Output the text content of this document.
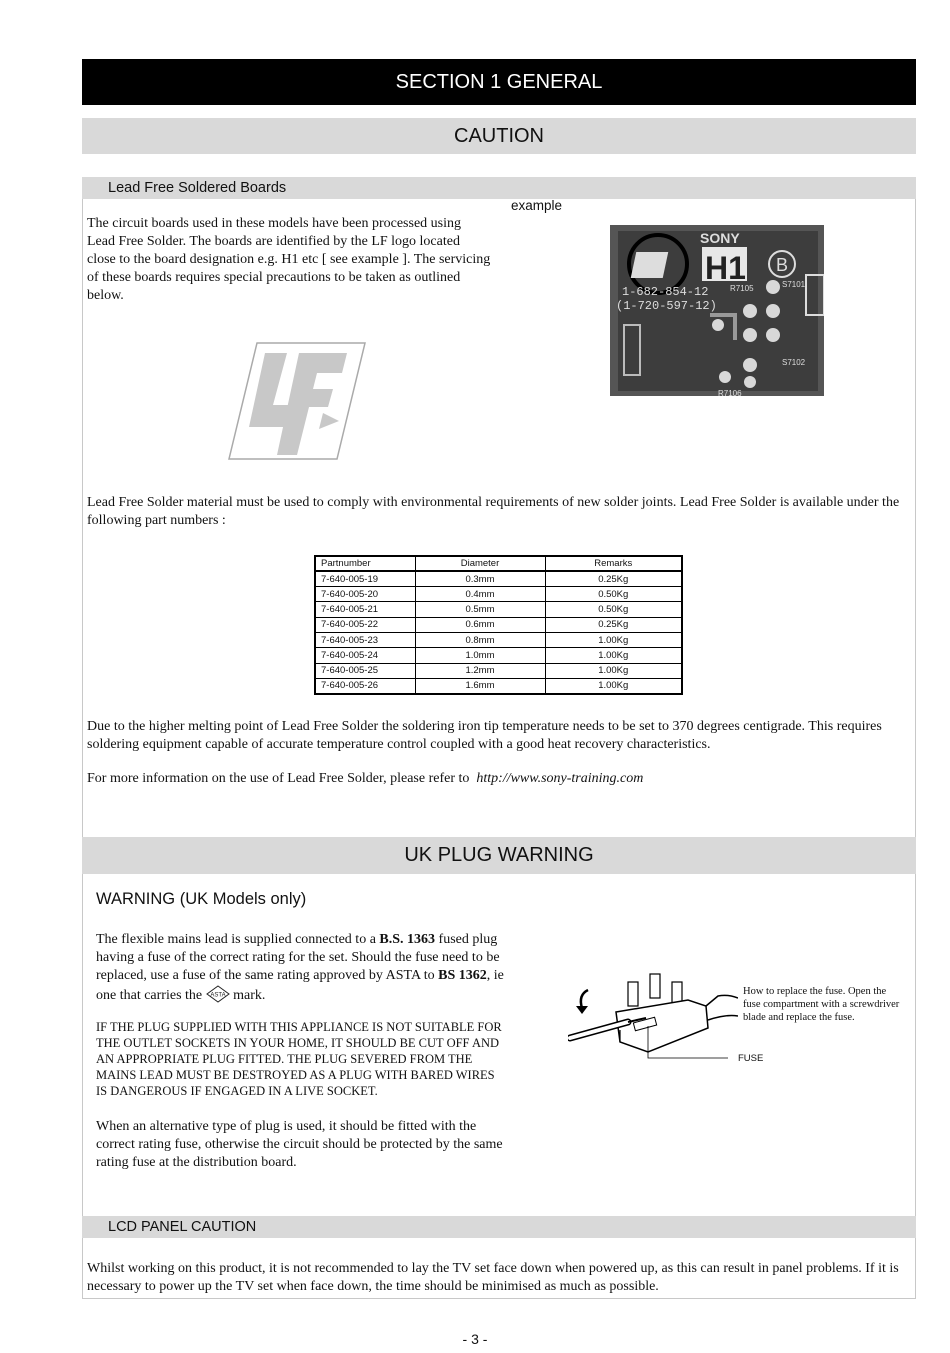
SECTION 1 GENERAL
CAUTION
Lead Free Soldered Boards
example
The circuit boards used in these models have been processed using Lead Free Solder. The boards are identified by the LF logo located close to the board designation e.g. H1 etc [ see example ]. The servicing of these boards requires special precautions to be taken as outlined below.
SONY
H1 B
1-682-854-12
(1-720-597-12)
R7105	S7101
S7102
R7106
Lead Free Solder material must be used to comply with environmental requirements of new solder joints. Lead Free Solder is available under the following part numbers :
Partnumber	Diameter	Remarks
7-640-005-19	0.3mm	0.25Kg
7-640-005-20	0.4mm	0.50Kg
7-640-005-21	0.5mm	0.50Kg
7-640-005-22	0.6mm	0.25Kg
7-640-005-23	0.8mm	1.00Kg
7-640-005-24	1.0mm	1.00Kg
7-640-005-25	1.2mm	1.00Kg
7-640-005-26	1.6mm	1.00Kg
Due to the higher melting point of Lead Free Solder the soldering iron tip temperature needs to be set to 370 degrees centigrade. This requires soldering equipment capable of accurate temperature control coupled with a good heat recovery characteristics.
For more information on the use of Lead Free Solder, please refer to http://www.sony-training.com
UK PLUG WARNING
WARNING (UK Models only)
The flexible mains lead is supplied connected to a B.S. 1363 fused plug having a fuse of the correct rating for the set. Should the fuse need to be replaced, use a fuse of the same rating approved by ASTA to BS 1362, ie one that carries the ASTA mark.
IF THE PLUG SUPPLIED WITH THIS APPLIANCE IS NOT SUITABLE FOR THE OUTLET SOCKETS IN YOUR HOME, IT SHOULD BE CUT OFF AND AN APPROPRIATE PLUG FITTED. THE PLUG SEVERED FROM THE MAINS LEAD MUST BE DESTROYED AS A PLUG WITH BARED WIRES IS DANGEROUS IF ENGAGED IN A LIVE SOCKET.
When an alternative type of plug is used, it should be fitted with the correct rating fuse, otherwise the circuit should be protected by the same rating fuse at the distribution board.
How to replace the fuse. Open the fuse compartment with a screwdriver blade and replace the fuse.
FUSE
LCD PANEL CAUTION
Whilst working on this product, it is not recommended to lay the TV set face down when powered up, as this can result in panel problems. If it is necessary to power up the TV set when face down, the time should be minimised as much as possible.
- 3 -
